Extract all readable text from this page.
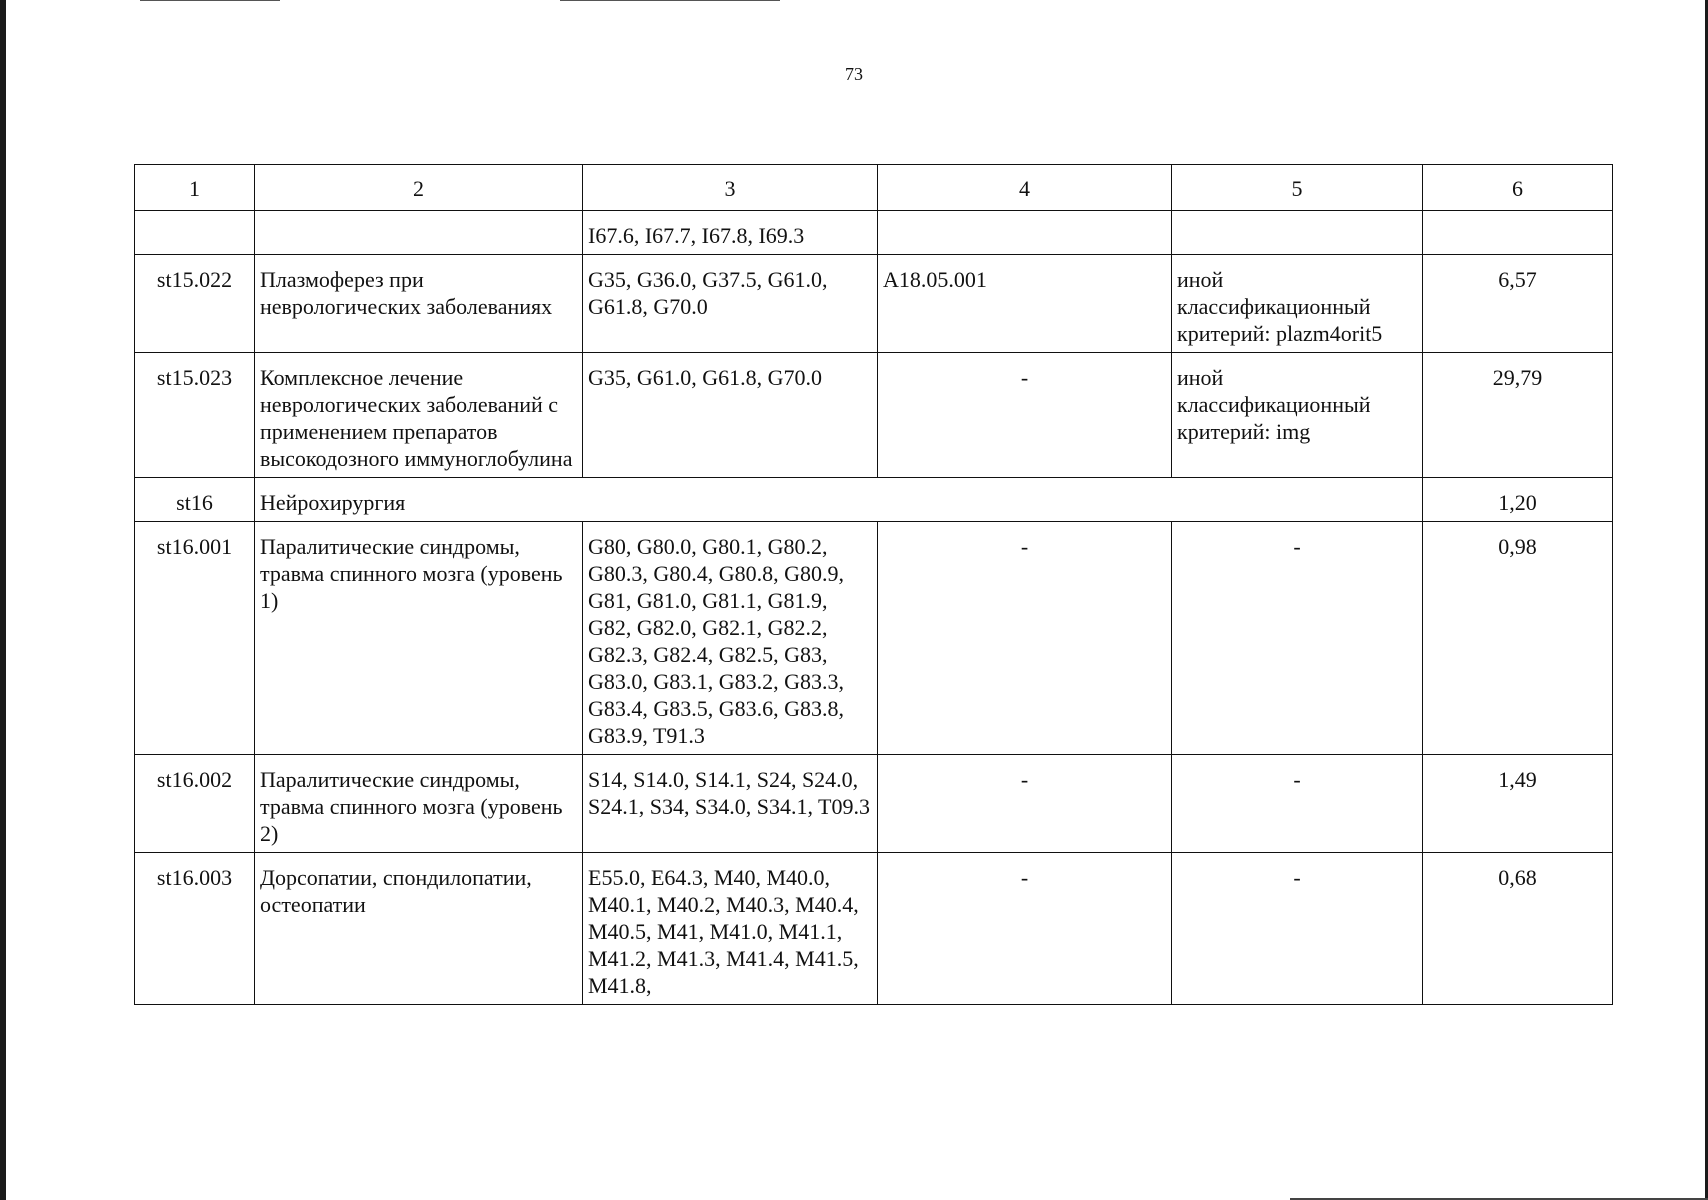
73
1	2	3	4	5	6
		I67.6, I67.7, I67.8, I69.3			
st15.022	Плазмоферез при неврологических заболеваниях	G35, G36.0, G37.5, G61.0, G61.8, G70.0	A18.05.001	иной классификационный критерий: plazm4orit5	6,57
st15.023	Комплексное лечение неврологических заболеваний с применением препаратов высокодозного иммуноглобулина	G35, G61.0, G61.8, G70.0	-	иной классификационный критерий: img	29,79
st16	Нейрохирургия				1,20
st16.001	Паралитические синдромы, травма спинного мозга (уровень 1)	G80, G80.0, G80.1, G80.2, G80.3, G80.4, G80.8, G80.9, G81, G81.0, G81.1, G81.9, G82, G82.0, G82.1, G82.2, G82.3, G82.4, G82.5, G83, G83.0, G83.1, G83.2, G83.3, G83.4, G83.5, G83.6, G83.8, G83.9, T91.3	-	-	0,98
st16.002	Паралитические синдромы, травма спинного мозга (уровень 2)	S14, S14.0, S14.1, S24, S24.0, S24.1, S34, S34.0, S34.1, T09.3	-	-	1,49
st16.003	Дорсопатии, спондилопатии, остеопатии	E55.0, E64.3, M40, M40.0, M40.1, M40.2, M40.3, M40.4, M40.5, M41, M41.0, M41.1, M41.2, M41.3, M41.4, M41.5, M41.8,	-	-	0,68
